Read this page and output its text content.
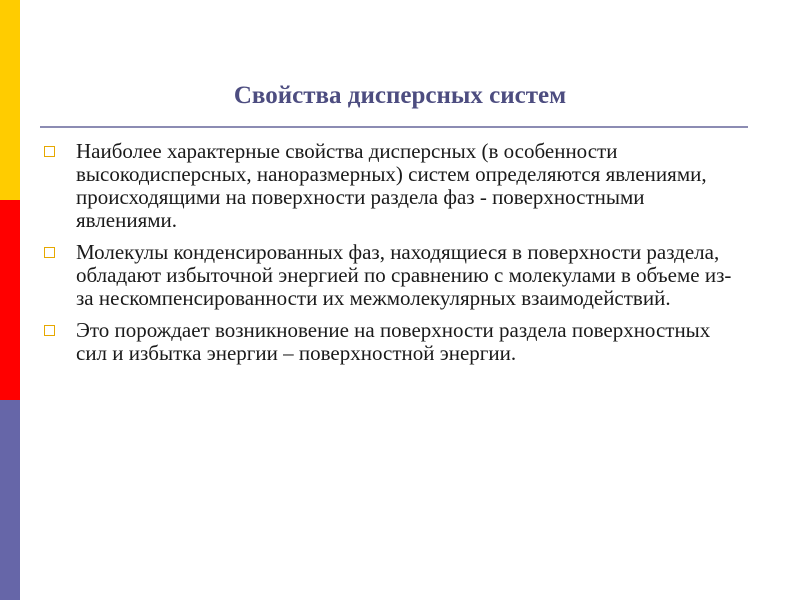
Свойства дисперсных систем
Наиболее характерные свойства дисперсных (в особенности высокодисперсных, наноразмерных) систем определяются явлениями, происходящими на поверхности раздела фаз - поверхностными явлениями.
Молекулы конденсированных фаз, находящиеся в поверхности раздела, обладают избыточной энергией по сравнению с молекулами в объеме из-за нескомпенсированности их межмолекулярных взаимодействий.
Это порождает возникновение на поверхности раздела поверхностных сил и избытка энергии – поверхностной энергии.
